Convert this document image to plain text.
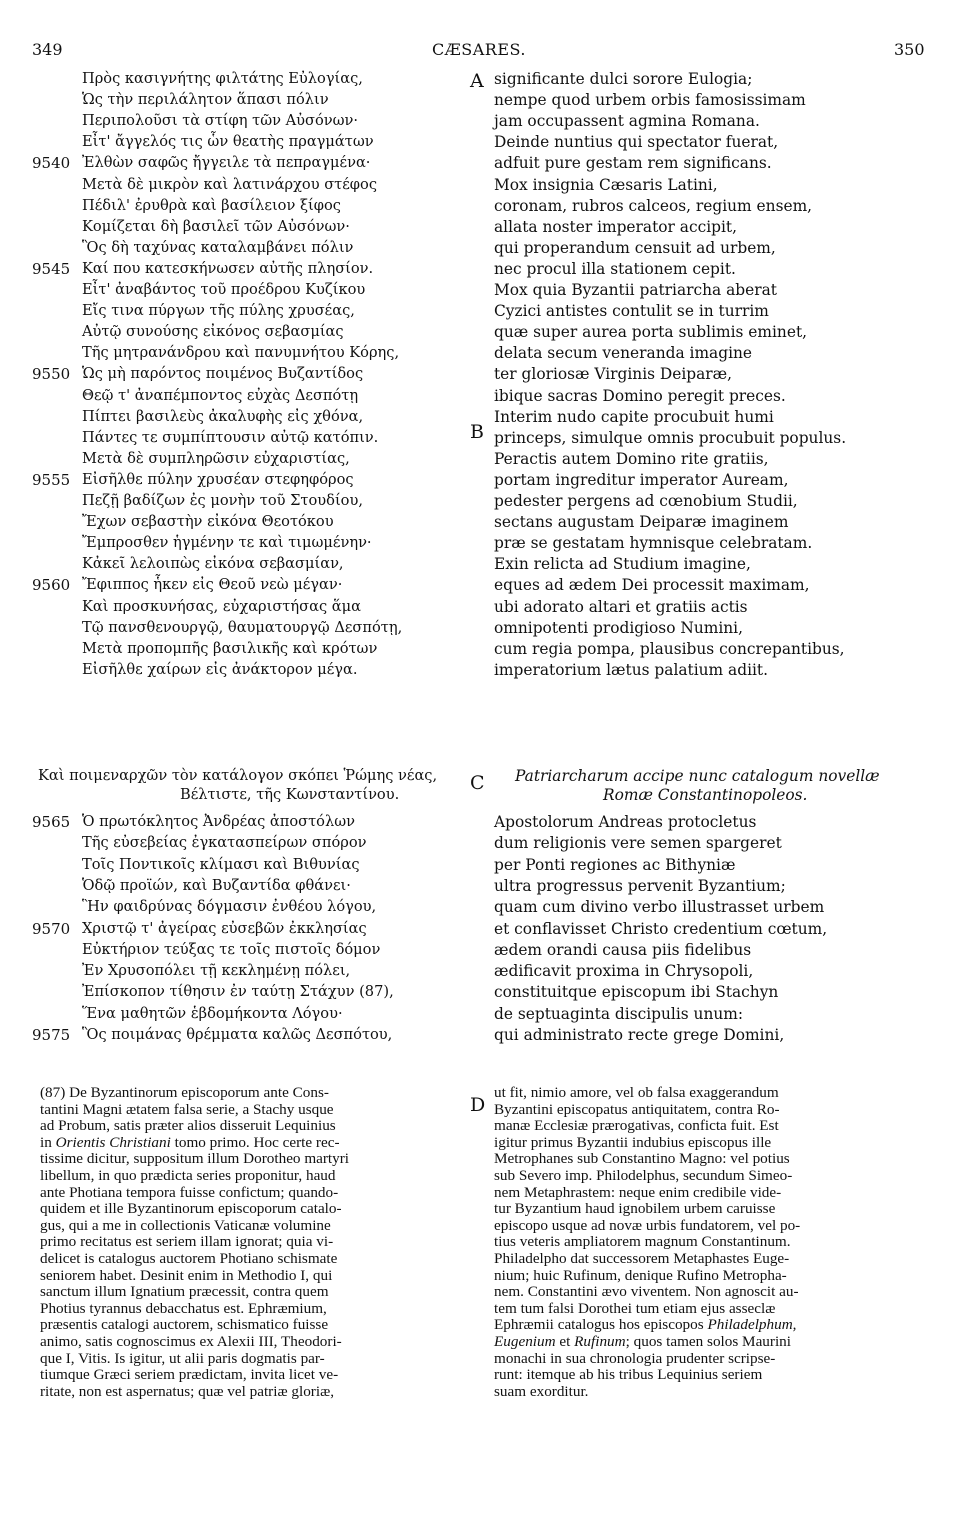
349	CÆSARES.	350
A
B
C
D
Πρὸς κασιγνήτης φιλτάτης Εὐλογίας,
Ὡς τὴν περιλάλητον ἅπασι πόλιν
Περιπολοῦσι τὰ στίφη τῶν Αὐσόνων·
Εἶτ' ἄγγελός τις ὧν θεατὴς πραγμάτων
9540 Ἐλθὼν σαφῶς ἤγγειλε τὰ πεπραγμένα·
Μετὰ δὲ μικρὸν καὶ λατινάρχου στέφος
Πέδιλ' ἐρυθρὰ καὶ βασίλειον ξίφος
Κομίζεται δὴ βασιλεῖ τῶν Αὐσόνων·
Ὃς δὴ ταχύνας καταλαμβάνει πόλιν
9545 Καί που κατεσκήνωσεν αὐτῆς πλησίον.
Εἶτ' ἀναβάντος τοῦ προέδρου Κυζίκου
Εἴς τινα πύργων τῆς πύλης χρυσέας,
Αὐτῷ συνούσης εἰκόνος σεβασμίας
Τῆς μητρανάνδρου καὶ πανυμνήτου Κόρης,
9550 Ὡς μὴ παρόντος ποιμένος Βυζαντίδος
Θεῷ τ' ἀναπέμποντος εὐχὰς Δεσπότῃ
Πίπτει βασιλεὺς ἀκαλυφὴς εἰς χθόνα,
Πάντες τε συμπίπτουσιν αὐτῷ κατόπιν.
Μετὰ δὲ συμπληρῶσιν εὐχαριστίας,
9555 Εἰσῆλθε πύλην χρυσέαν στεφηφόρος
Πεζῇ βαδίζων ἐς μονὴν τοῦ Στουδίου,
Ἔχων σεβαστὴν εἰκόνα Θεοτόκου
Ἔμπροσθεν ἡγμένην τε καὶ τιμωμένην·
Κἀκεῖ λελοιπὼς εἰκόνα σεβασμίαν,
9560 Ἔφιππος ἧκεν εἰς Θεοῦ νεὼ μέγαν·
Καὶ προσκυνήσας, εὐχαριστήσας ἅμα
Τῷ πανσθενουργῷ, θαυματουργῷ Δεσπότῃ,
Μετὰ προπομπῆς βασιλικῆς καὶ κρότων
Εἰσῆλθε χαίρων εἰς ἀνάκτορον μέγα.
significante dulci sorore Eulogia;
nempe quod urbem orbis famosissimam
jam occupassent agmina Romana.
Deinde nuntius qui spectator fuerat,
adfuit pure gestam rem significans.
Mox insignia Cæsaris Latini,
coronam, rubros calceos, regium ensem,
allata noster imperator accipit,
qui properandum censuit ad urbem,
nec procul illa stationem cepit.
Mox quia Byzantii patriarcha aberat
Cyzici antistes contulit se in turrim
quæ super aurea porta sublimis eminet,
delata secum veneranda imagine
ter gloriosæ Virginis Deiparæ,
ibique sacras Domino peregit preces.
Interim nudo capite procubuit humi
princeps, simulque omnis procubuit populus.
Peractis autem Domino rite gratiis,
portam ingreditur imperator Auream,
pedester pergens ad cœnobium Studii,
sectans augustam Deiparæ imaginem
præ se gestatam hymnisque celebratam.
Exin relicta ad Studium imagine,
eques ad ædem Dei processit maximam,
ubi adorato altari et gratiis actis
omnipotenti prodigioso Numini,
cum regia pompa, plausibus concrepantibus,
imperatorium lætus palatium adiit.
Καὶ ποιμεναρχῶν τὸν κατάλογον σκόπει Ῥώμης νέας,
Βέλτιστε, τῆς Κωνσταντίνου.
Patriarcharum accipe nunc catalogum novellæ
Romæ Constantinopoleos.
9565 Ὁ πρωτόκλητος Ἀνδρέας ἀποστόλων
Τῆς εὐσεβείας ἐγκατασπείρων σπόρον
Τοῖς Ποντικοῖς κλίμασι καὶ Βιθυνίας
Ὁδῷ προϊών, καὶ Βυζαντίδα φθάνει·
Ἣν φαιδρύνας δόγμασιν ἐνθέου λόγου,
9570 Χριστῷ τ' ἀγείρας εὐσεβῶν ἐκκλησίας
Εὐκτήριον τεύξας τε τοῖς πιστοῖς δόμον
Ἐν Χρυσοπόλει τῇ κεκλημένῃ πόλει,
Ἐπίσκοπον τίθησιν ἐν ταύτῃ Στάχυν (87),
Ἕνα μαθητῶν ἑβδομήκοντα Λόγου·
9575 Ὃς ποιμάνας θρέμματα καλῶς Δεσπότου,
Apostolorum Andreas protocletus
dum religionis vere semen spargeret
per Ponti regiones ac Bithyniæ
ultra progressus pervenit Byzantium;
quam cum divino verbo illustrasset urbem
et conflavisset Christo credentium cœtum,
ædem orandi causa piis fidelibus
ædificavit proxima in Chrysopoli,
constituitque episcopum ibi Stachyn
de septuaginta discipulis unum:
qui administrato recte grege Domini,
(87) De Byzantinorum episcoporum ante Cons-
tantini Magni ætatem falsa serie, a Stachy usque
ad Probum, satis præter alios disseruit Lequinius
in Orientis Christiani tomo primo. Hoc certe rec-
tissime dicitur, suppositum illum Dorotheo martyri
libellum, in quo prædicta series proponitur, haud
ante Photiana tempora fuisse confictum; quando-
quidem et ille Byzantinorum episcoporum catalo-
gus, qui a me in collectionis Vaticanæ volumine
primo recitatus est seriem illam ignorat; quia vi-
delicet is catalogus auctorem Photiano schismate
seniorem habet. Desinit enim in Methodio I, qui
sanctum illum Ignatium præcessit, contra quem
Photius tyrannus debacchatus est. Ephræmium,
præsentis catalogi auctorem, schismatico fuisse
animo, satis cognoscimus ex Alexii III, Theodori-
que I, Vitis. Is igitur, ut alii paris dogmatis par-
tiumque Græci seriem prædictam, invita licet ve-
ritate, non est aspernatus; quæ vel patriæ gloriæ,
ut fit, nimio amore, vel ob falsa exaggerandum
Byzantini episcopatus antiquitatem, contra Ro-
manæ Ecclesiæ prærogativas, conficta fuit. Est
igitur primus Byzantii indubius episcopus ille
Metrophanes sub Constantino Magno: vel potius
sub Severo imp. Philodelphus, secundum Simeo-
nem Metaphrastem: neque enim credibile vide-
tur Byzantium haud ignobilem urbem caruisse
episcopo usque ad novæ urbis fundatorem, vel po-
tius veteris ampliatorem magnum Constantinum.
Philadelpho dat successorem Metaphastes Euge-
nium; huic Rufinum, denique Rufino Metropha-
nem. Constantini ævo viventem. Non agnoscit au-
tem tum falsi Dorothei tum etiam ejus asseclæ
Ephræmii catalogus hos episcopos Philadelphum,
Eugenium et Rufinum; quos tamen solos Maurini
monachi in sua chronologia prudenter scripse-
runt: itemque ab his tribus Lequinius seriem
suam exorditur.
